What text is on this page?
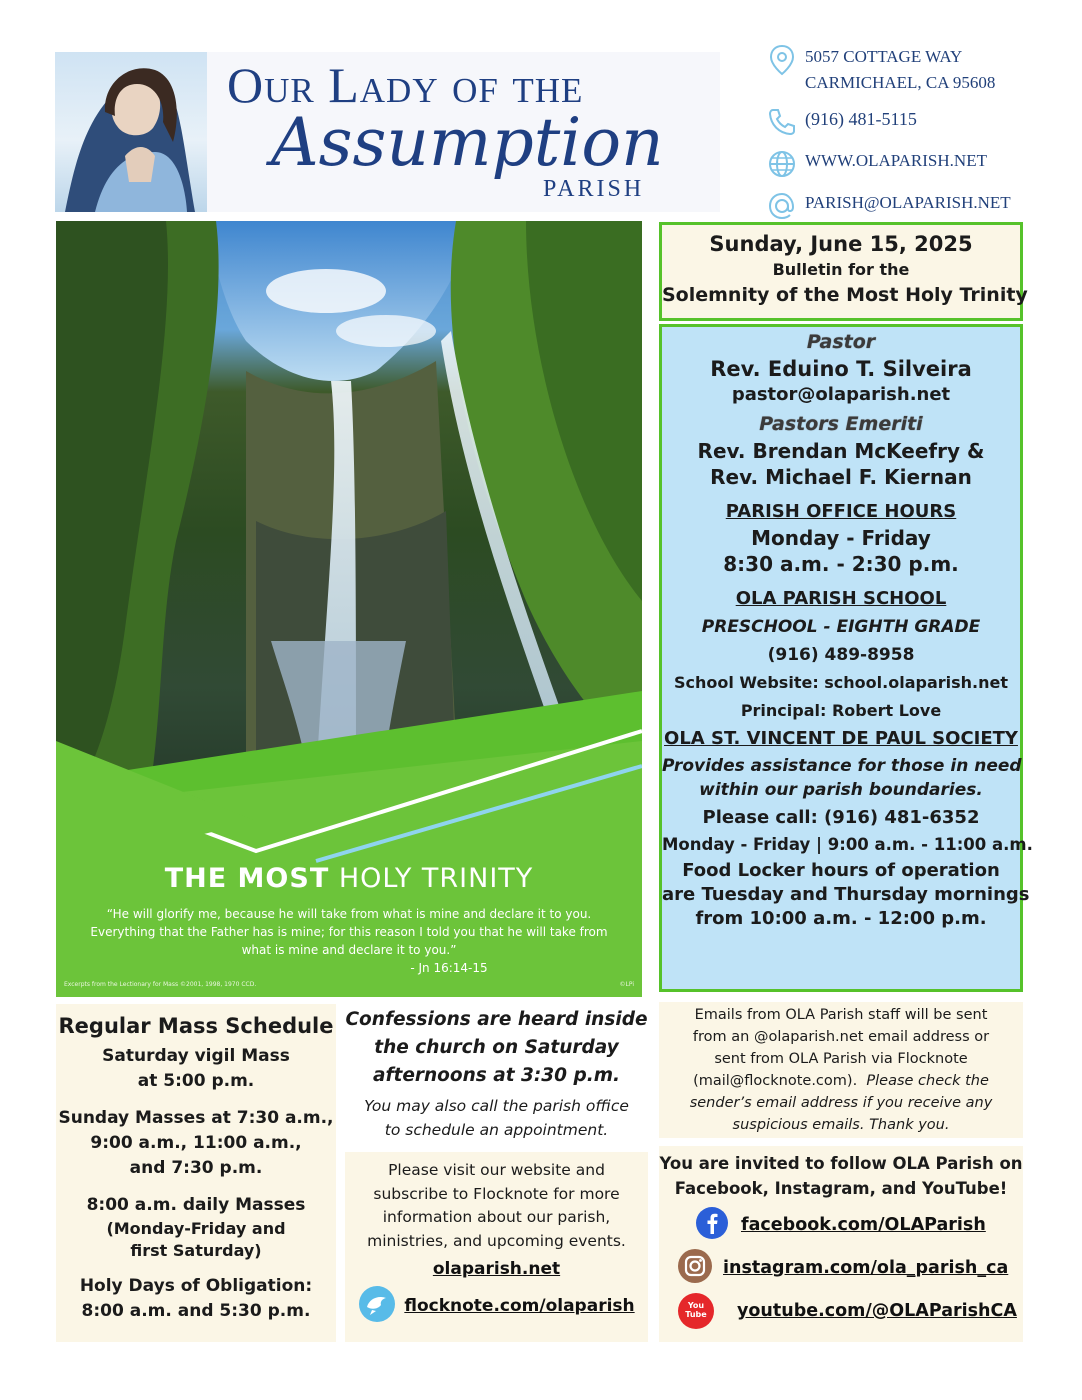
Our Lady of the
Assumption
PARISH
5057 COTTAGE WAY
CARMICHAEL, CA 95608
(916) 481-5115
WWW.OLAPARISH.NET
PARISH@OLAPARISH.NET
THE MOST HOLY TRINITY
“He will glorify me, because he will take from what is mine and declare it to you. Everything that the Father has is mine; for this reason I told you that he will take from what is mine and declare it to you.”
- Jn 16:14-15
Excerpts from the Lectionary for Mass ©2001, 1998, 1970 CCD.	©LPi
Sunday, June 15, 2025
Bulletin for the
Solemnity of the Most Holy Trinity
Pastor
Rev. Eduino T. Silveira
pastor@olaparish.net
Pastors Emeriti
Rev. Brendan McKeefry &
Rev. Michael F. Kiernan
PARISH OFFICE HOURS
Monday - Friday
8:30 a.m. - 2:30 p.m.
OLA PARISH SCHOOL
PRESCHOOL - EIGHTH GRADE
(916) 489-8958
School Website: school.olaparish.net
Principal: Robert Love
OLA ST. VINCENT DE PAUL SOCIETY
Provides assistance for those in need
within our parish boundaries.
Please call: (916) 481-6352
Monday - Friday | 9:00 a.m. - 11:00 a.m.
Food Locker hours of operation
are Tuesday and Thursday mornings
from 10:00 a.m. - 12:00 p.m.
Regular Mass Schedule
Saturday vigil Mass
at 5:00 p.m.
Sunday Masses at 7:30 a.m.,
9:00 a.m., 11:00 a.m.,
and 7:30 p.m.
8:00 a.m. daily Masses
(Monday-Friday and
first Saturday)
Holy Days of Obligation:
8:00 a.m. and 5:30 p.m.
Confessions are heard inside
the church on Saturday
afternoons at 3:30 p.m.
You may also call the parish office
to schedule an appointment.
Please visit our website and
subscribe to Flocknote for more
information about our parish,
ministries, and upcoming events.
olaparish.net
flocknote.com/olaparish
Emails from OLA Parish staff will be sent
from an @olaparish.net email address or
sent from OLA Parish via Flocknote
(mail@flocknote.com). Please check the
sender’s email address if you receive any
suspicious emails. Thank you.
You are invited to follow OLA Parish on
Facebook, Instagram, and YouTube!
facebook.com/OLAParish
instagram.com/ola_parish_ca
You Tube youtube.com/@OLAParishCA
